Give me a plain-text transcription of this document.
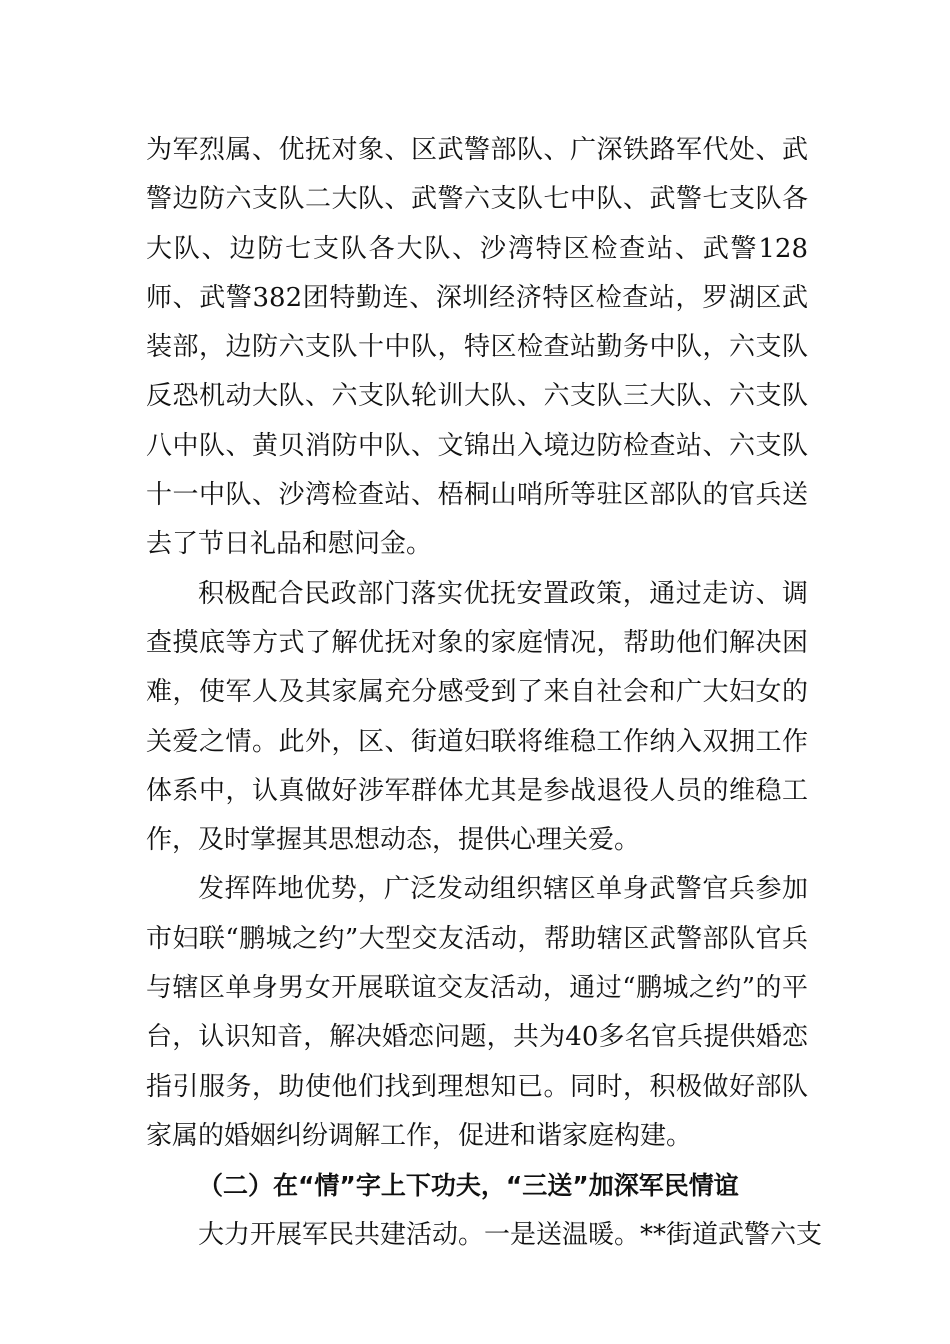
为军烈属、优抚对象、区武警部队、广深铁路军代处、武警边防六支队二大队、武警六支队七中队、武警七支队各大队、边防七支队各大队、沙湾特区检查站、武警128师、武警382团特勤连、深圳经济特区检查站，罗湖区武装部，边防六支队十中队，特区检查站勤务中队，六支队反恐机动大队、六支队轮训大队、六支队三大队、六支队八中队、黄贝消防中队、文锦出入境边防检查站、六支队十一中队、沙湾检查站、梧桐山哨所等驻区部队的官兵送去了节日礼品和慰问金。

积极配合民政部门落实优抚安置政策，通过走访、调查摸底等方式了解优抚对象的家庭情况，帮助他们解决困难，使军人及其家属充分感受到了来自社会和广大妇女的关爱之情。此外，区、街道妇联将维稳工作纳入双拥工作体系中，认真做好涉军群体尤其是参战退役人员的维稳工作，及时掌握其思想动态，提供心理关爱。

发挥阵地优势，广泛发动组织辖区单身武警官兵参加市妇联“鹏城之约”大型交友活动，帮助辖区武警部队官兵与辖区单身男女开展联谊交友活动，通过“鹏城之约”的平台，认识知音，解决婚恋问题，共为40多名官兵提供婚恋指引服务，助使他们找到理想知已。同时，积极做好部队家属的婚姻纠纷调解工作，促进和谐家庭构建。

（二）在“情”字上下功夫，“三送”加深军民情谊

大力开展军民共建活动。一是送温暖。**街道武警六支
